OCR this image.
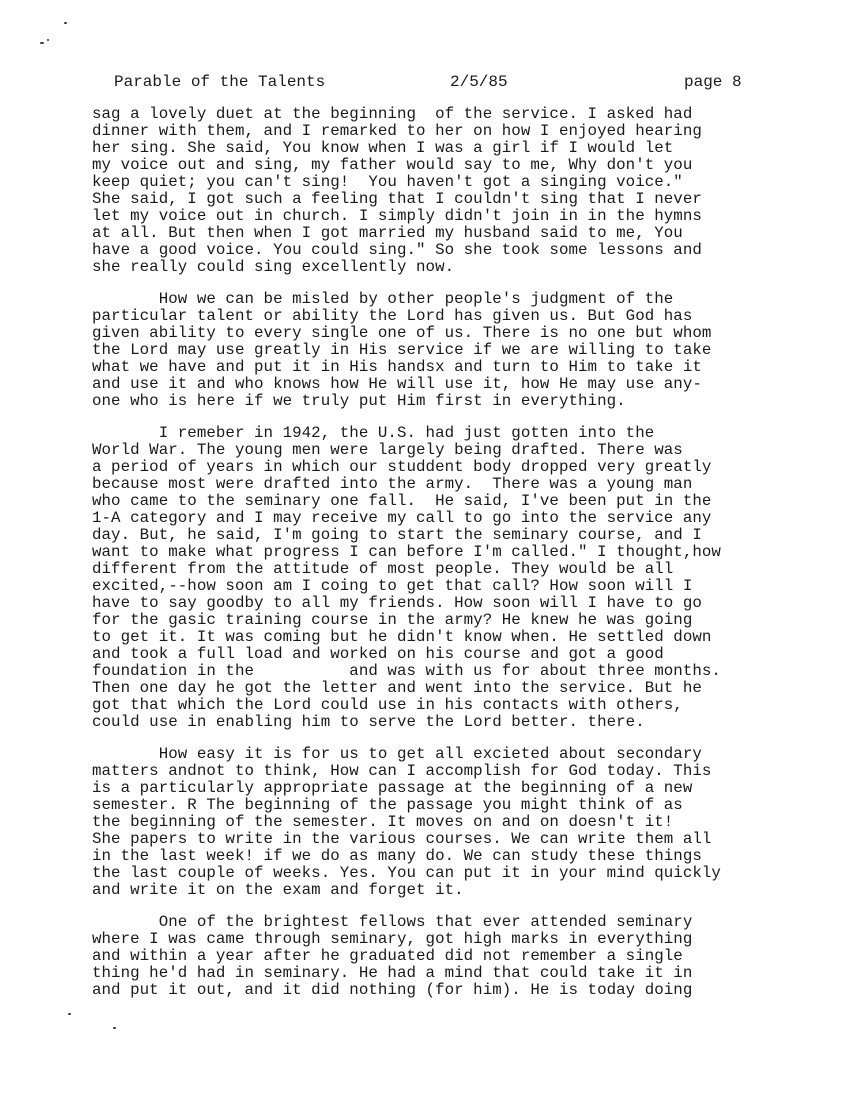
Parable of the Talents	2/5/85	page 8
sag a lovely duet at the beginning  of the service. I asked had
dinner with them, and I remarked to her on how I enjoyed hearing
her sing. She said, You know when I was a girl if I would let
my voice out and sing, my father would say to me, Why don't you
keep quiet; you can't sing!  You haven't got a singing voice."
She said, I got such a feeling that I couldn't sing that I never
let my voice out in church. I simply didn't join in in the hymns
at all. But then when I got married my husband said to me, You
have a good voice. You could sing." So she took some lessons and
she really could sing excellently now.
How we can be misled by other people's judgment of the
particular talent or ability the Lord has given us. But God has
given ability to every single one of us. There is no one but whom
the Lord may use greatly in His service if we are willing to take
what we have and put it in His handsx and turn to Him to take it
and use it and who knows how He will use it, how He may use any-
one who is here if we truly put Him first in everything.
I remeber in 1942, the U.S. had just gotten into the
World War. The young men were largely being drafted. There was
a period of years in which our studdent body dropped very greatly
because most were drafted into the army.  There was a young man
who came to the seminary one fall.  He said, I've been put in the
1-A category and I may receive my call to go into the service any
day. But, he said, I'm going to start the seminary course, and I
want to make what progress I can before I'm called." I thought,how
different from the attitude of most people. They would be all
excited,--how soon am I coing to get that call? How soon will I
have to say goodby to all my friends. How soon will I have to go
for the gasic training course in the army? He knew he was going
to get it. It was coming but he didn't know when. He settled down
and took a full load and worked on his course and got a good
foundation in the          and was with us for about three months.
Then one day he got the letter and went into the service. But he
got that which the Lord could use in his contacts with others,
could use in enabling him to serve the Lord better. there.
How easy it is for us to get all excieted about secondary
matters andnot to think, How can I accomplish for God today. This
is a particularly appropriate passage at the beginning of a new
semester. R The beginning of the passage you might think of as
the beginning of the semester. It moves on and on doesn't it!
She papers to write in the various courses. We can write them all
in the last week! if we do as many do. We can study these things
the last couple of weeks. Yes. You can put it in your mind quickly
and write it on the exam and forget it.
One of the brightest fellows that ever attended seminary
where I was came through seminary, got high marks in everything
and within a year after he graduated did not remember a single
thing he'd had in seminary. He had a mind that could take it in
and put it out, and it did nothing (for him). He is today doing
